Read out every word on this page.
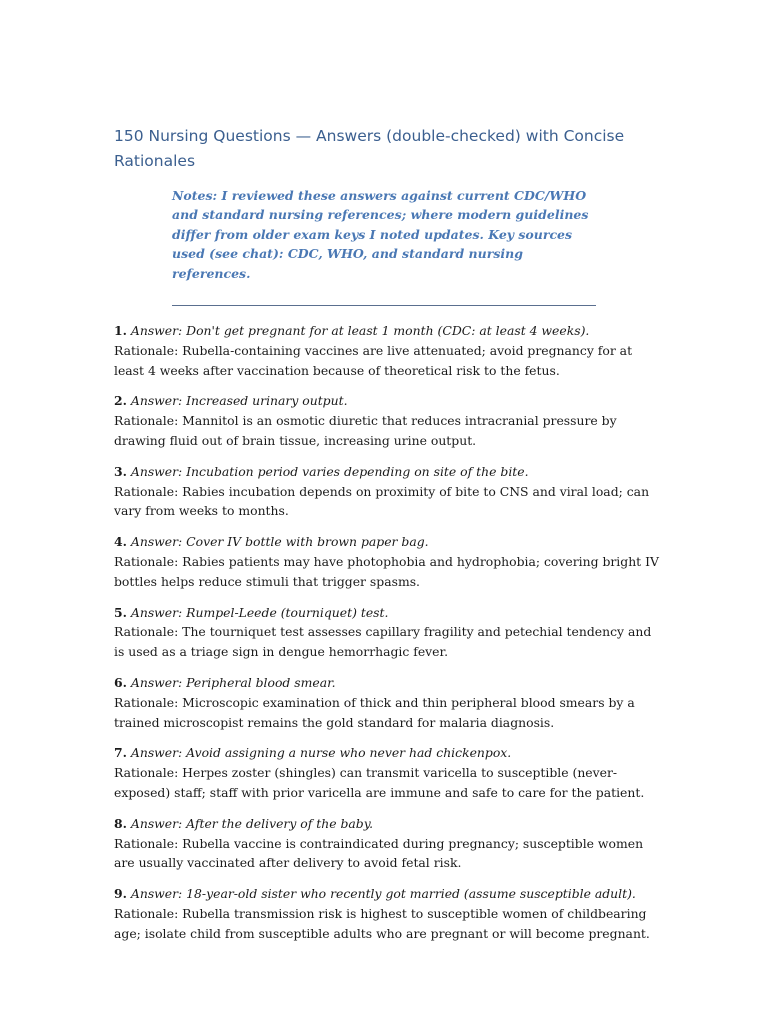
150 Nursing Questions — Answers (double-checked) with Concise Rationales
Notes: I reviewed these answers against current CDC/WHO and standard nursing references; where modern guidelines differ from older exam keys I noted updates. Key sources used (see chat): CDC, WHO, and standard nursing references.
1. Answer: Don't get pregnant for at least 1 month (CDC: at least 4 weeks).
Rationale: Rubella-containing vaccines are live attenuated; avoid pregnancy for at least 4 weeks after vaccination because of theoretical risk to the fetus.
2. Answer: Increased urinary output.
Rationale: Mannitol is an osmotic diuretic that reduces intracranial pressure by drawing fluid out of brain tissue, increasing urine output.
3. Answer: Incubation period varies depending on site of the bite.
Rationale: Rabies incubation depends on proximity of bite to CNS and viral load; can vary from weeks to months.
4. Answer: Cover IV bottle with brown paper bag.
Rationale: Rabies patients may have photophobia and hydrophobia; covering bright IV bottles helps reduce stimuli that trigger spasms.
5. Answer: Rumpel-Leede (tourniquet) test.
Rationale: The tourniquet test assesses capillary fragility and petechial tendency and is used as a triage sign in dengue hemorrhagic fever.
6. Answer: Peripheral blood smear.
Rationale: Microscopic examination of thick and thin peripheral blood smears by a trained microscopist remains the gold standard for malaria diagnosis.
7. Answer: Avoid assigning a nurse who never had chickenpox.
Rationale: Herpes zoster (shingles) can transmit varicella to susceptible (never-exposed) staff; staff with prior varicella are immune and safe to care for the patient.
8. Answer: After the delivery of the baby.
Rationale: Rubella vaccine is contraindicated during pregnancy; susceptible women are usually vaccinated after delivery to avoid fetal risk.
9. Answer: 18-year-old sister who recently got married (assume susceptible adult).
Rationale: Rubella transmission risk is highest to susceptible women of childbearing age; isolate child from susceptible adults who are pregnant or will become pregnant.
